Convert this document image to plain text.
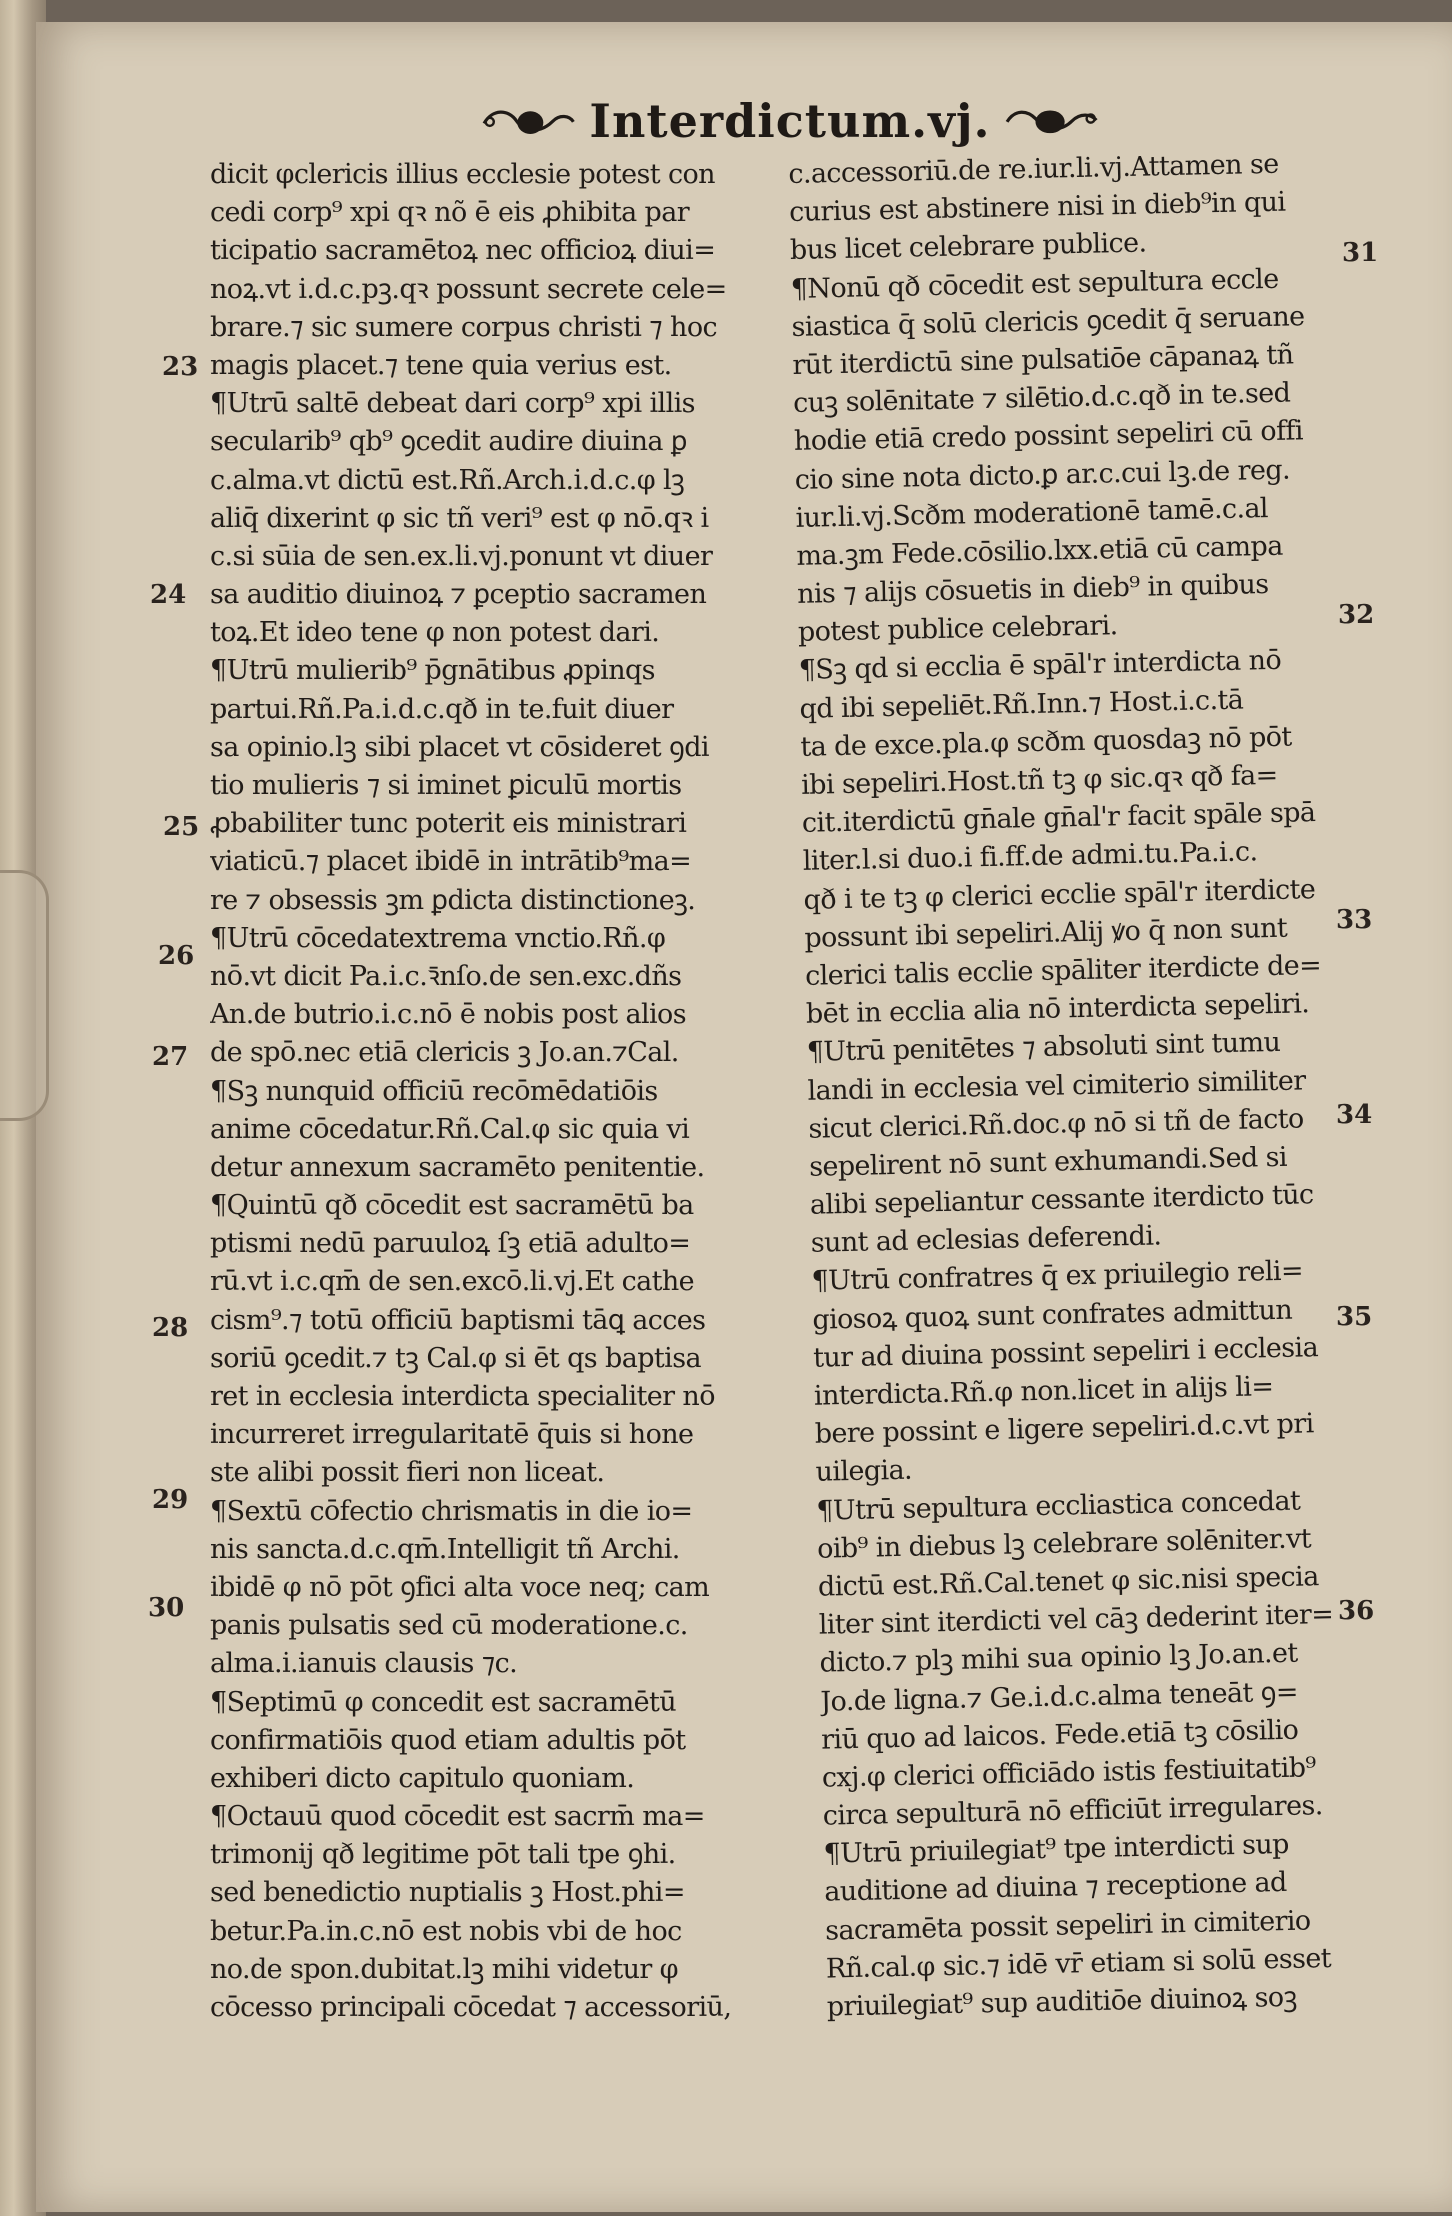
Interdictum.vj.
dicit φclericis illius ecclesie potest con
cedi corp⁹ xpi qꝛ nõ ē eis ꝓhibita par
ticipatio sacramētoꝝ nec officioꝝ diui=
noꝝ.vt i.d.c.pꝫ.qꝛ possunt secrete cele=
brare.⁊ sic sumere corpus christi ⁊ hoc
magis placet.⁊ tene quia verius est.
¶Utrū saltē debeat dari corp⁹ xpi illis
secularib⁹ qb⁹ ꝯcedit audire diuina ꝑ
c.alma.vt dictū est.Rñ.Arch.i.d.c.φ lꝫ
aliq̄ dixerint φ sic tñ veri⁹ est φ nō.qꝛ i
c.si sūia de sen.ex.li.vj.ponunt vt diuer
sa auditio diuinoꝝ ⁊ ꝑceptio sacramen
toꝝ.Et ideo tene φ non potest dari.
¶Utrū mulierib⁹ p̄gnātibus ꝓpinqs
partui.Rñ.Pa.i.d.c.qð in te.fuit diuer
sa opinio.lꝫ sibi placet vt cōsideret ꝯdi
tio mulieris ⁊ si iminet ꝑiculū mortis
ꝓbabiliter tunc poterit eis ministrari
viaticū.⁊ placet ibidē in intrātib⁹ma=
re ⁊ obsessis ꝫm ꝑdicta distinctioneꝫ.
¶Utrū cōcedatextrema vnctio.Rñ.φ
nō.vt dicit Pa.i.c.ꝛ̄nſo.de sen.exc.dñs
An.de butrio.i.c.nō ē nobis post alios
de spō.nec etiā clericis ꝫ Jo.an.⁊Cal.
¶Sꝫ nunquid officiū recōmēdatiōis
anime cōcedatur.Rñ.Cal.φ sic quia vi
detur annexum sacramēto penitentie.
¶Quintū qð cōcedit est sacramētū ba
ptismi nedū paruuloꝝ ſꝫ etiā adulto=
rū.vt i.c.qm̄ de sen.excō.li.vj.Et cathe
cism⁹.⁊ totū officiū baptismi tāꝗ acces
soriū ꝯcedit.⁊ tꝫ Cal.φ si ēt qs baptisa
ret in ecclesia interdicta specialiter nō
incurreret irregularitatē q̄uis si hone
ste alibi possit fieri non liceat.
¶Sextū cōfectio chrismatis in die io=
nis sancta.d.c.qm̄.Intelligit tñ Archi.
ibidē φ nō pōt ꝯfici alta voce neq; cam
panis pulsatis sed cū moderatione.c.
alma.i.ianuis clausis ⁊c.
¶Septimū φ concedit est sacramētū
confirmatiōis quod etiam adultis pōt
exhiberi dicto capitulo quoniam.
¶Octauū quod cōcedit est sacrm̄ ma=
trimonij qð legitime pōt tali tpe ꝯhi.
sed benedictio nuptialis ꝫ Host.phi=
betur.Pa.in.c.nō est nobis vbi de hoc
no.de spon.dubitat.lꝫ mihi videtur φ
cōcesso principali cōcedat ⁊ accessoriū,
c.accessoriū.de re.iur.li.vj.Attamen se
curius est abstinere nisi in dieb⁹in qui
bus licet celebrare publice.
¶Nonū qð cōcedit est sepultura eccle
siastica q̄ solū clericis ꝯcedit q̄ seruane
rūt iterdictū sine pulsatiōe cāpanaꝝ tñ
cuꝫ solēnitate ⁊ silētio.d.c.qð in te.sed
hodie etiā credo possint sepeliri cū offi
cio sine nota dicto.ꝑ ar.c.cui lꝫ.de reg.
iur.li.vj.Scðm moderationē tamē.c.al
ma.ꝫm Fede.cōsilio.lxx.etiā cū campa
nis ⁊ alijs cōsuetis in dieb⁹ in quibus
potest publice celebrari.
¶Sꝫ qd si ecclia ē spāl'r interdicta nō
qd ibi sepeliēt.Rñ.Inn.⁊ Host.i.c.tā
ta de exce.pla.φ scðm quosdaꝫ nō pōt
ibi sepeliri.Host.tñ tꝫ φ sic.qꝛ qð fa=
cit.iterdictū gn̄ale gn̄al'r facit spāle spā
liter.l.si duo.i fi.ff.de admi.tu.Pa.i.c.
qð i te tꝫ φ clerici ecclie spāl'r iterdicte
possunt ibi sepeliri.Alij ꝟo q̄ non sunt
clerici talis ecclie spāliter iterdicte de=
bēt in ecclia alia nō interdicta sepeliri.
¶Utrū penitētes ⁊ absoluti sint tumu
landi in ecclesia vel cimiterio similiter
sicut clerici.Rñ.doc.φ nō si tñ de facto
sepelirent nō sunt exhumandi.Sed si
alibi sepeliantur cessante iterdicto tūc
sunt ad eclesias deferendi.
¶Utrū confratres q̄ ex priuilegio reli=
giosoꝝ quoꝝ sunt confrates admittun
tur ad diuina possint sepeliri i ecclesia
interdicta.Rñ.φ non.licet in alijs li=
bere possint e ligere sepeliri.d.c.vt pri
uilegia.
¶Utrū sepultura eccliastica concedat
oib⁹ in diebus lꝫ celebrare solēniter.vt
dictū est.Rñ.Cal.tenet φ sic.nisi specia
liter sint iterdicti vel cāꝫ dederint iter=
dicto.⁊ plꝫ mihi sua opinio lꝫ Jo.an.et
Jo.de ligna.⁊ Ge.i.d.c.alma teneāt ꝯ=
riū quo ad laicos. Fede.etiā tꝫ cōsilio
cxj.φ clerici officiādo istis festiuitatib⁹
circa sepulturā nō efficiūt irregulares.
¶Utrū priuilegiat⁹ tpe interdicti sup
auditione ad diuina ⁊ receptione ad
sacramēta possit sepeliri in cimiterio
Rñ.cal.φ sic.⁊ idē vr̄ etiam si solū esset
priuilegiat⁹ sup auditiōe diuinoꝝ soꝫ
23
24
25
26
27
28
29
30
31
32
33
34
35
36
